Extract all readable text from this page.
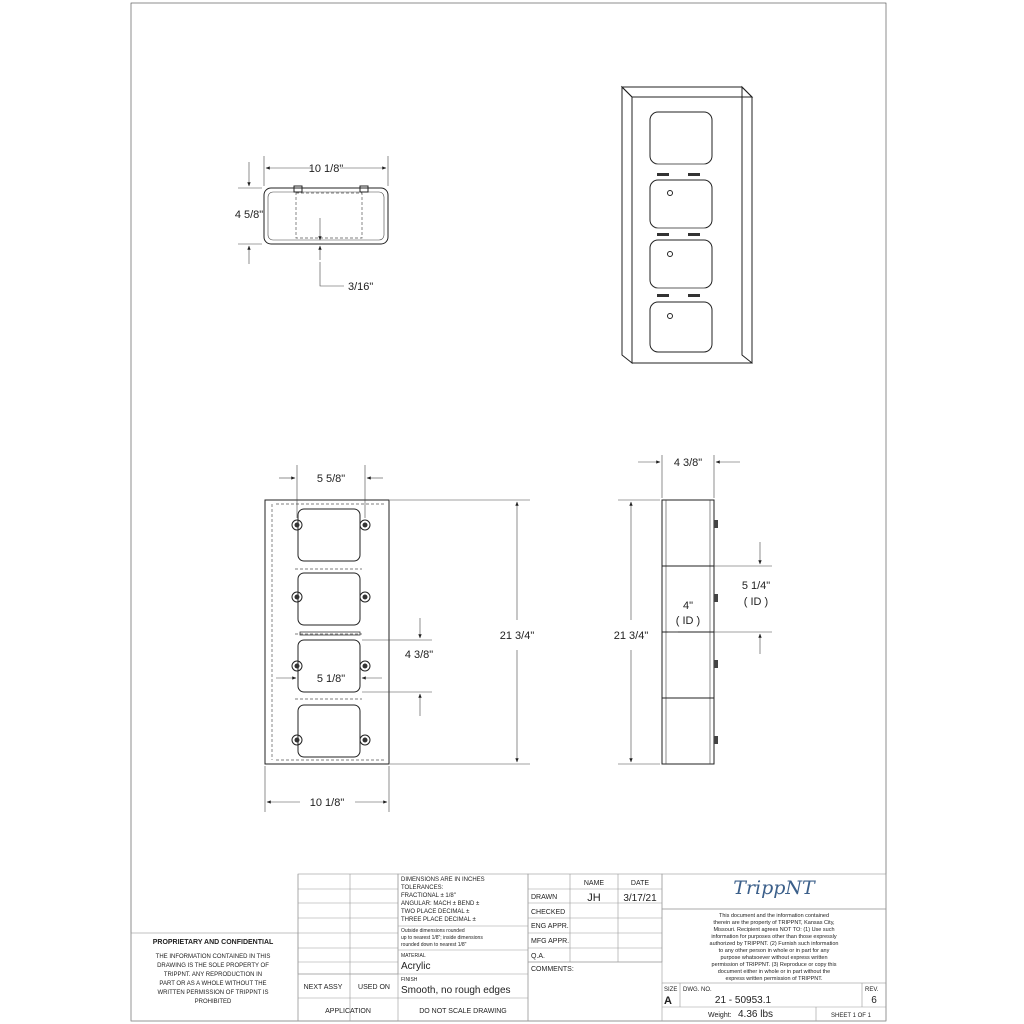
10 1/8"
4 5/8"
3/16"
5 5/8"
21 3/4"
4 3/8"
5 1/8"
10 1/8"
4 3/8"
21 3/4"
5 1/4"
( ID )
4"
( ID )
PROPRIETARY AND CONFIDENTIAL
THE INFORMATION CONTAINED IN THIS
DRAWING IS THE SOLE PROPERTY OF
TRIPPNT. ANY REPRODUCTION IN
PART OR AS A WHOLE WITHOUT THE
WRITTEN PERMISSION OF TRIPPNT IS
PROHIBITED
NEXT ASSY USED ON
APPLICATION
DIMENSIONS ARE IN INCHES
TOLERANCES:
FRACTIONAL ± 1/8"
ANGULAR: MACH ± BEND ±
TWO PLACE DECIMAL ±
THREE PLACE DECIMAL ±
Outside dimensions rounded
up to nearest 1/8"; inside dimensions
rounded down to nearest 1/8"
MATERIAL
Acrylic
FINISH
Smooth, no rough edges
DO NOT SCALE DRAWING
NAME	DATE
DRAWN	JH 3/17/21
CHECKED
ENG APPR.
MFG APPR.
Q.A.
COMMENTS:
TrippNT
This document and the information contained
therein are the property of TRIPPNT, Kansas City,
Missouri. Recipient agrees NOT TO: (1) Use such
information for purposes other than those expressly
authorized by TRIPPNT. (2) Furnish such information
to any other person in whole or in part for any
purpose whatsoever without express written
permission of TRIPPNT. (3) Reproduce or copy this
document either in whole or in part without the
express written permission of TRIPPNT.
SIZE
A
DWG. NO.
21 - 50953.1
REV.
6
Weight: 4.36 lbs	SHEET 1 OF 1
